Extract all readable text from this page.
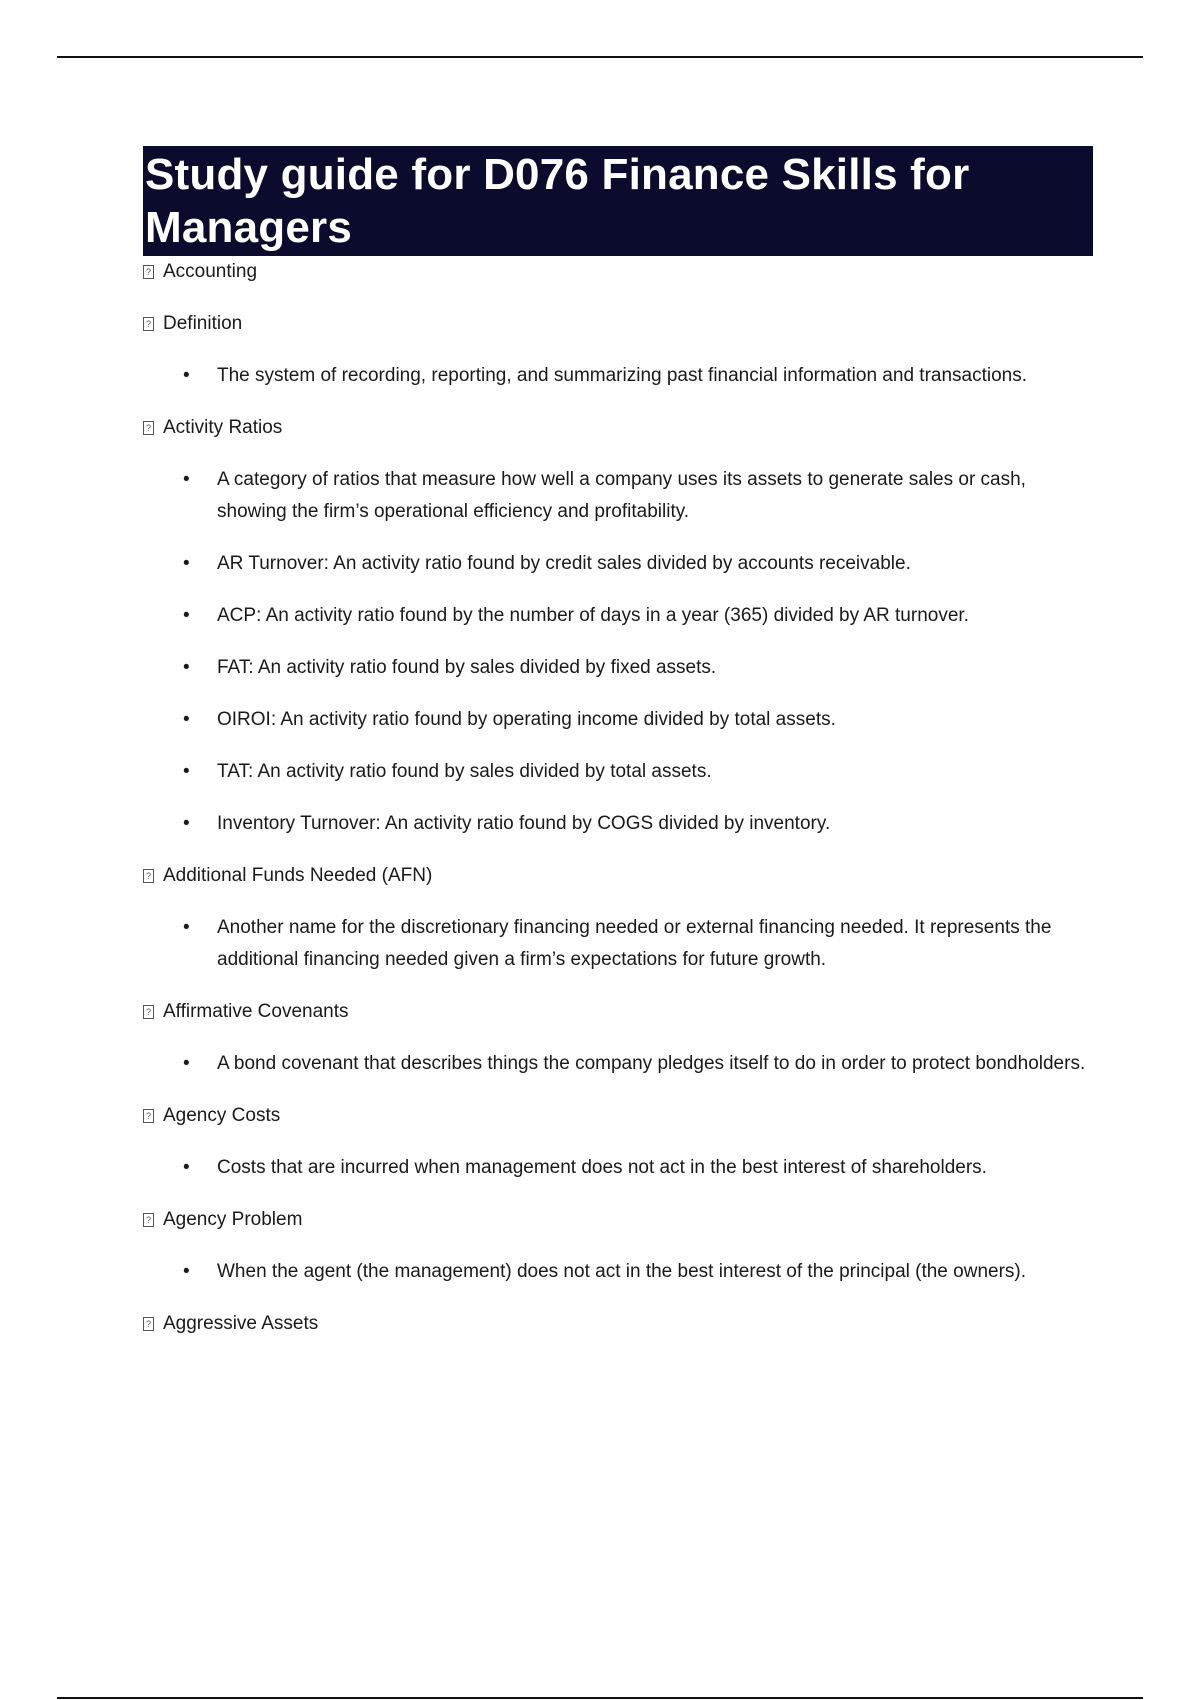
Study guide for D076 Finance Skills for Managers
? Accounting
? Definition
• The system of recording, reporting, and summarizing past financial information and transactions.
? Activity Ratios
• A category of ratios that measure how well a company uses its assets to generate sales or cash, showing the firm’s operational efficiency and profitability.
• AR Turnover: An activity ratio found by credit sales divided by accounts receivable.
• ACP: An activity ratio found by the number of days in a year (365) divided by AR turnover.
• FAT: An activity ratio found by sales divided by fixed assets.
• OIROI: An activity ratio found by operating income divided by total assets.
• TAT: An activity ratio found by sales divided by total assets.
• Inventory Turnover: An activity ratio found by COGS divided by inventory.
? Additional Funds Needed (AFN)
• Another name for the discretionary financing needed or external financing needed. It represents the additional financing needed given a firm’s expectations for future growth.
? Affirmative Covenants
• A bond covenant that describes things the company pledges itself to do in order to protect bondholders.
? Agency Costs
• Costs that are incurred when management does not act in the best interest of shareholders.
? Agency Problem
• When the agent (the management) does not act in the best interest of the principal (the owners).
? Aggressive Assets
